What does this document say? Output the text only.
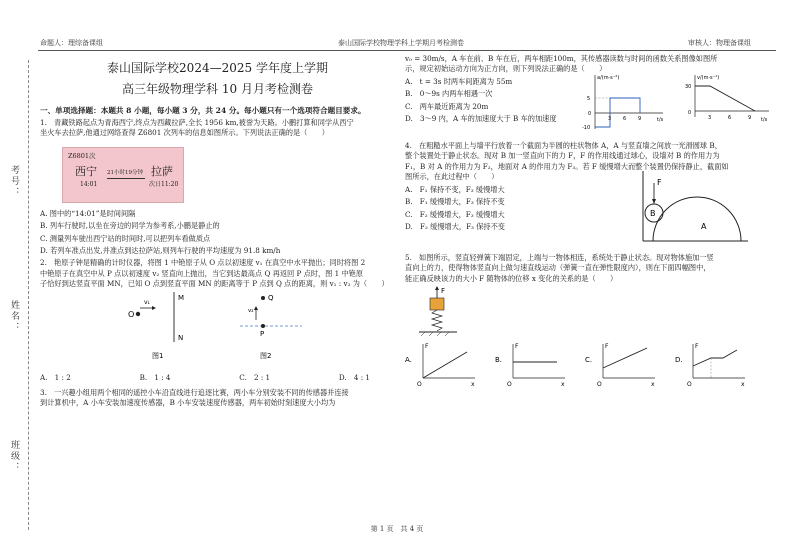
命题人：理综备课组	泰山国际学校物理学科上学期月考检测卷	审核人：物理备课组
考号：
姓名：
班级：
泰山国际学校2024—2025 学年度上学期
高三年级物理学科 10 月月考检测卷
一、单项选择题：本题共 8 小题，每小题 3 分，共 24 分。每小题只有一个选项符合题目要求。
1.　青藏铁路起点为青海西宁,终点为西藏拉萨,全长 1956 km,被誉为天路。小鹏打算和同学从西宁
坐火车去拉萨,他通过网络查得 Z6801 次列车的信息如图所示。下列说法正确的是（　　）
Z6801次
西宁
14:01
21小时19分钟 拉萨
次日11:20
A. 图中的“14:01”是时间间隔
B. 列车行驶时,以坐在旁边的同学为参考系,小鹏是静止的
C. 测量列车驶出西宁站的时间时,可以把列车看做质点
D. 若列车准点出发,并准点到达拉萨站,则列车行驶的平均速度为 91.8 km/h
2.　艳原子钟是精确的计时仪器，将图 1 中铯原子从 O 点以初速度 v₁ 在真空中水平抛出；同时将图 2
中铯原子在真空中从 P 点以初速度 v₂ 竖直向上抛出，当它到达最高点 Q 再返回 P 点时，图 1 中铯原
子恰好到达竖直平面 MN，已知 O 点到竖直平面 MN 的距离等于 P 点到 Q 点的距离，则 v₁ : v₂ 为（　　）
O
v₁
M
N
图1
Q
v₂
P
图2
A.　1 : 2	B.　1 : 4	C.　2 : 1	D.　4 : 1
3.　一兴趣小组用两个相同的遥控小车沿直线进行追逐比赛，两小车分别安装不同的传感器并连接
到计算机中，A 小车安装加速度传感器，B 小车安装速度传感器，两车初始时刻速度大小均为
v₀ = 30m/s，A 车在前、B 车在后，两车相距100m，其传感器读数与时间的函数关系图像如图所
示，规定初始运动方向为正方向，则下列说法正确的是（　　）
A.　t = 3s 时两车间距离为 55m
B.　0～9s 内两车相遇一次
C.　两车最近距离为 20m
D.　3～9 内，A 车的加速度大于 B 车的加速度
a/(m·s⁻²)
t/s
5
0
-10
3 6 9
v/(m·s⁻¹)
t/s
30
0
3	6	9
4.　在粗糙水平面上与墙平行放着一个截面为半圆的柱状物体 A，A 与竖直墙之间放一光滑圆球 B，
整个装置处于静止状态。现对 B 加一竖直向下的力 F，F 的作用线通过球心，设墙对 B 的作用力为
F₁，B 对 A 的作用力为 F₂，地面对 A 的作用力为 F₃。若 F 缓慢增大而整个装置仍保持静止，截面如
图所示，在此过程中（　　）
A.　F₁ 保持不变，F₃ 缓慢增大
B.　F₁ 缓慢增大，F₃ 保持不变
C.　F₂ 缓慢增大，F₃ 缓慢增大
D.　F₂ 缓慢增大，F₃ 保持不变
F
B
A
5.　如图所示，竖直轻弹簧下端固定，上端与一物体相连，系统处于静止状态。现对物体施加一竖
直向上的力，使得物体竖直向上做匀速直线运动（弹簧一直在弹性限度内），则在下面四幅图中，
能正确反映该力的大小 F 随物体的位移 x 变化的关系的是（　　）
F
A.
F
x
O
B.
F
x
O
C.
F
x
O
D.
F
x
O
第 1 页　共 4 页
